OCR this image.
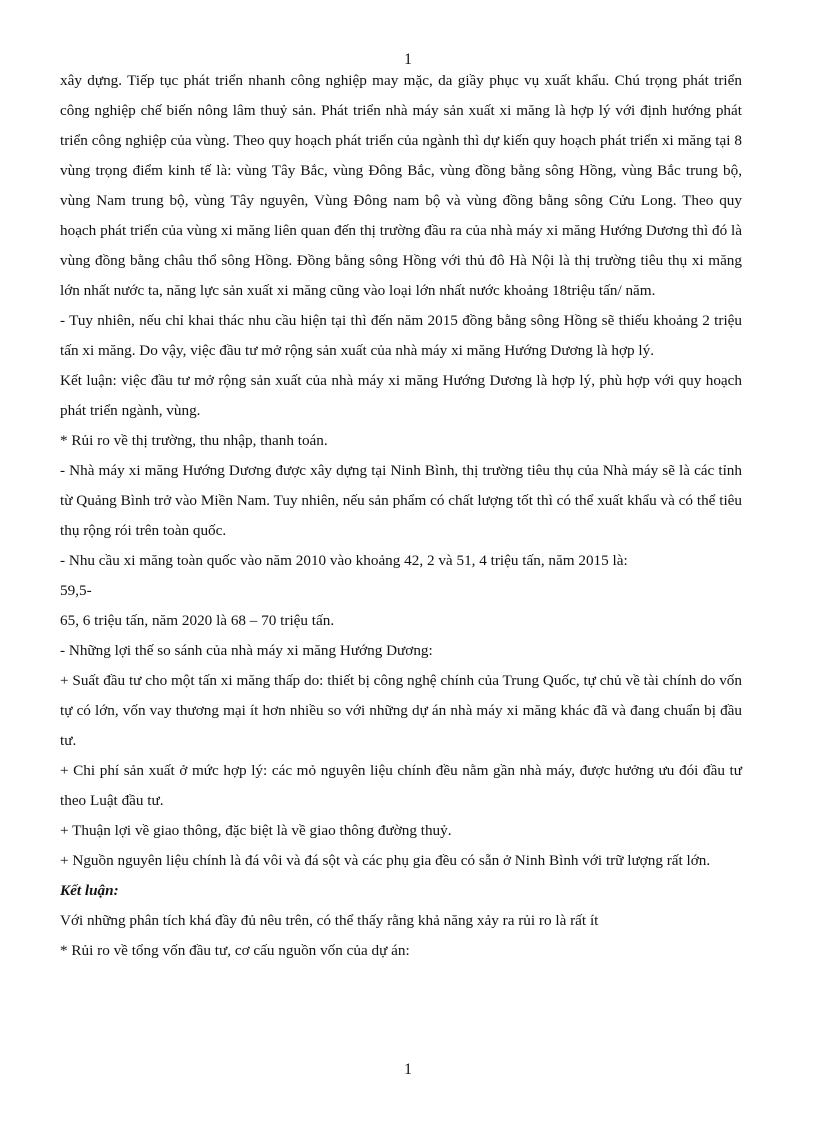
1

xây dựng. Tiếp tục phát triển nhanh công nghiệp may mặc, da giầy phục vụ xuất khẩu. Chú trọng phát triển công nghiệp chế biến nông lâm thuỷ sản. Phát triển nhà máy sản xuất xi măng là hợp lý với định hướng phát triển công nghiệp của vùng. Theo quy hoạch phát triển của ngành thì dự kiến quy hoạch phát triển xi măng tại 8 vùng trọng điểm kinh tế là: vùng Tây Bắc, vùng Đông Bắc, vùng đồng bằng sông Hồng, vùng Bắc trung bộ, vùng Nam trung bộ, vùng Tây nguyên, Vùng Đông nam bộ và vùng đồng bằng sông Cửu Long. Theo quy hoạch phát triển của vùng xi măng liên quan đến thị trường đầu ra của nhà máy xi măng Hướng Dương thì đó là vùng đồng bằng châu thổ sông Hồng. Đồng bằng sông Hồng với thủ đô Hà Nội là thị trường tiêu thụ xi măng lớn nhất nước ta, năng lực sản xuất xi măng cũng vào loại lớn nhất nước khoảng 18triệu tấn/ năm.

- Tuy nhiên, nếu chỉ khai thác nhu cầu hiện tại thì đến năm 2015 đồng bằng sông Hồng sẽ thiếu khoảng 2 triệu tấn xi măng. Do vậy, việc đầu tư mở rộng sản xuất của nhà máy xi măng Hướng Dương là hợp lý.

Kết luận: việc đầu tư mở rộng sản xuất của nhà máy xi măng Hướng Dương là hợp lý, phù hợp với quy hoạch phát triển ngành, vùng.

* Rủi ro về thị trường, thu nhập, thanh toán.

- Nhà máy xi măng Hướng Dương được xây dựng tại Ninh Bình, thị trường tiêu thụ của Nhà máy sẽ là các tỉnh từ Quảng Bình trở vào Miền Nam. Tuy nhiên, nếu sản phẩm có chất lượng tốt thì có thể xuất khẩu và có thể tiêu thụ rộng rói trên toàn quốc.

- Nhu cầu xi măng toàn quốc vào năm 2010 vào khoảng 42, 2 và 51, 4 triệu tấn, năm 2015 là:

59,5-

65, 6 triệu tấn, năm 2020 là 68 – 70 triệu tấn.

- Những lợi thế so sánh của nhà máy xi măng Hướng Dương:

+ Suất đầu tư cho một tấn xi măng thấp do: thiết bị công nghệ chính của Trung Quốc, tự chủ về tài chính do vốn tự có lớn, vốn vay thương mại ít hơn nhiều so với những dự án nhà máy xi măng khác đã và đang chuẩn bị đầu tư.

+ Chi phí sản xuất ở mức hợp lý: các mỏ nguyên liệu chính đều nằm gần nhà máy, được hưởng ưu đói đầu tư theo Luật đầu tư.

+ Thuận lợi về giao thông, đặc biệt là về giao thông đường thuỷ.

+ Nguồn nguyên liệu chính là đá vôi và đá sột và các phụ gia đều có sẵn ở Ninh Bình với trữ lượng rất lớn.

Kết luận:

Với những phân tích khá đầy đủ nêu trên, có thể thấy rằng khả năng xảy ra rủi ro là rất ít

* Rủi ro về tổng vốn đầu tư, cơ cấu nguồn vốn của dự án:

1
